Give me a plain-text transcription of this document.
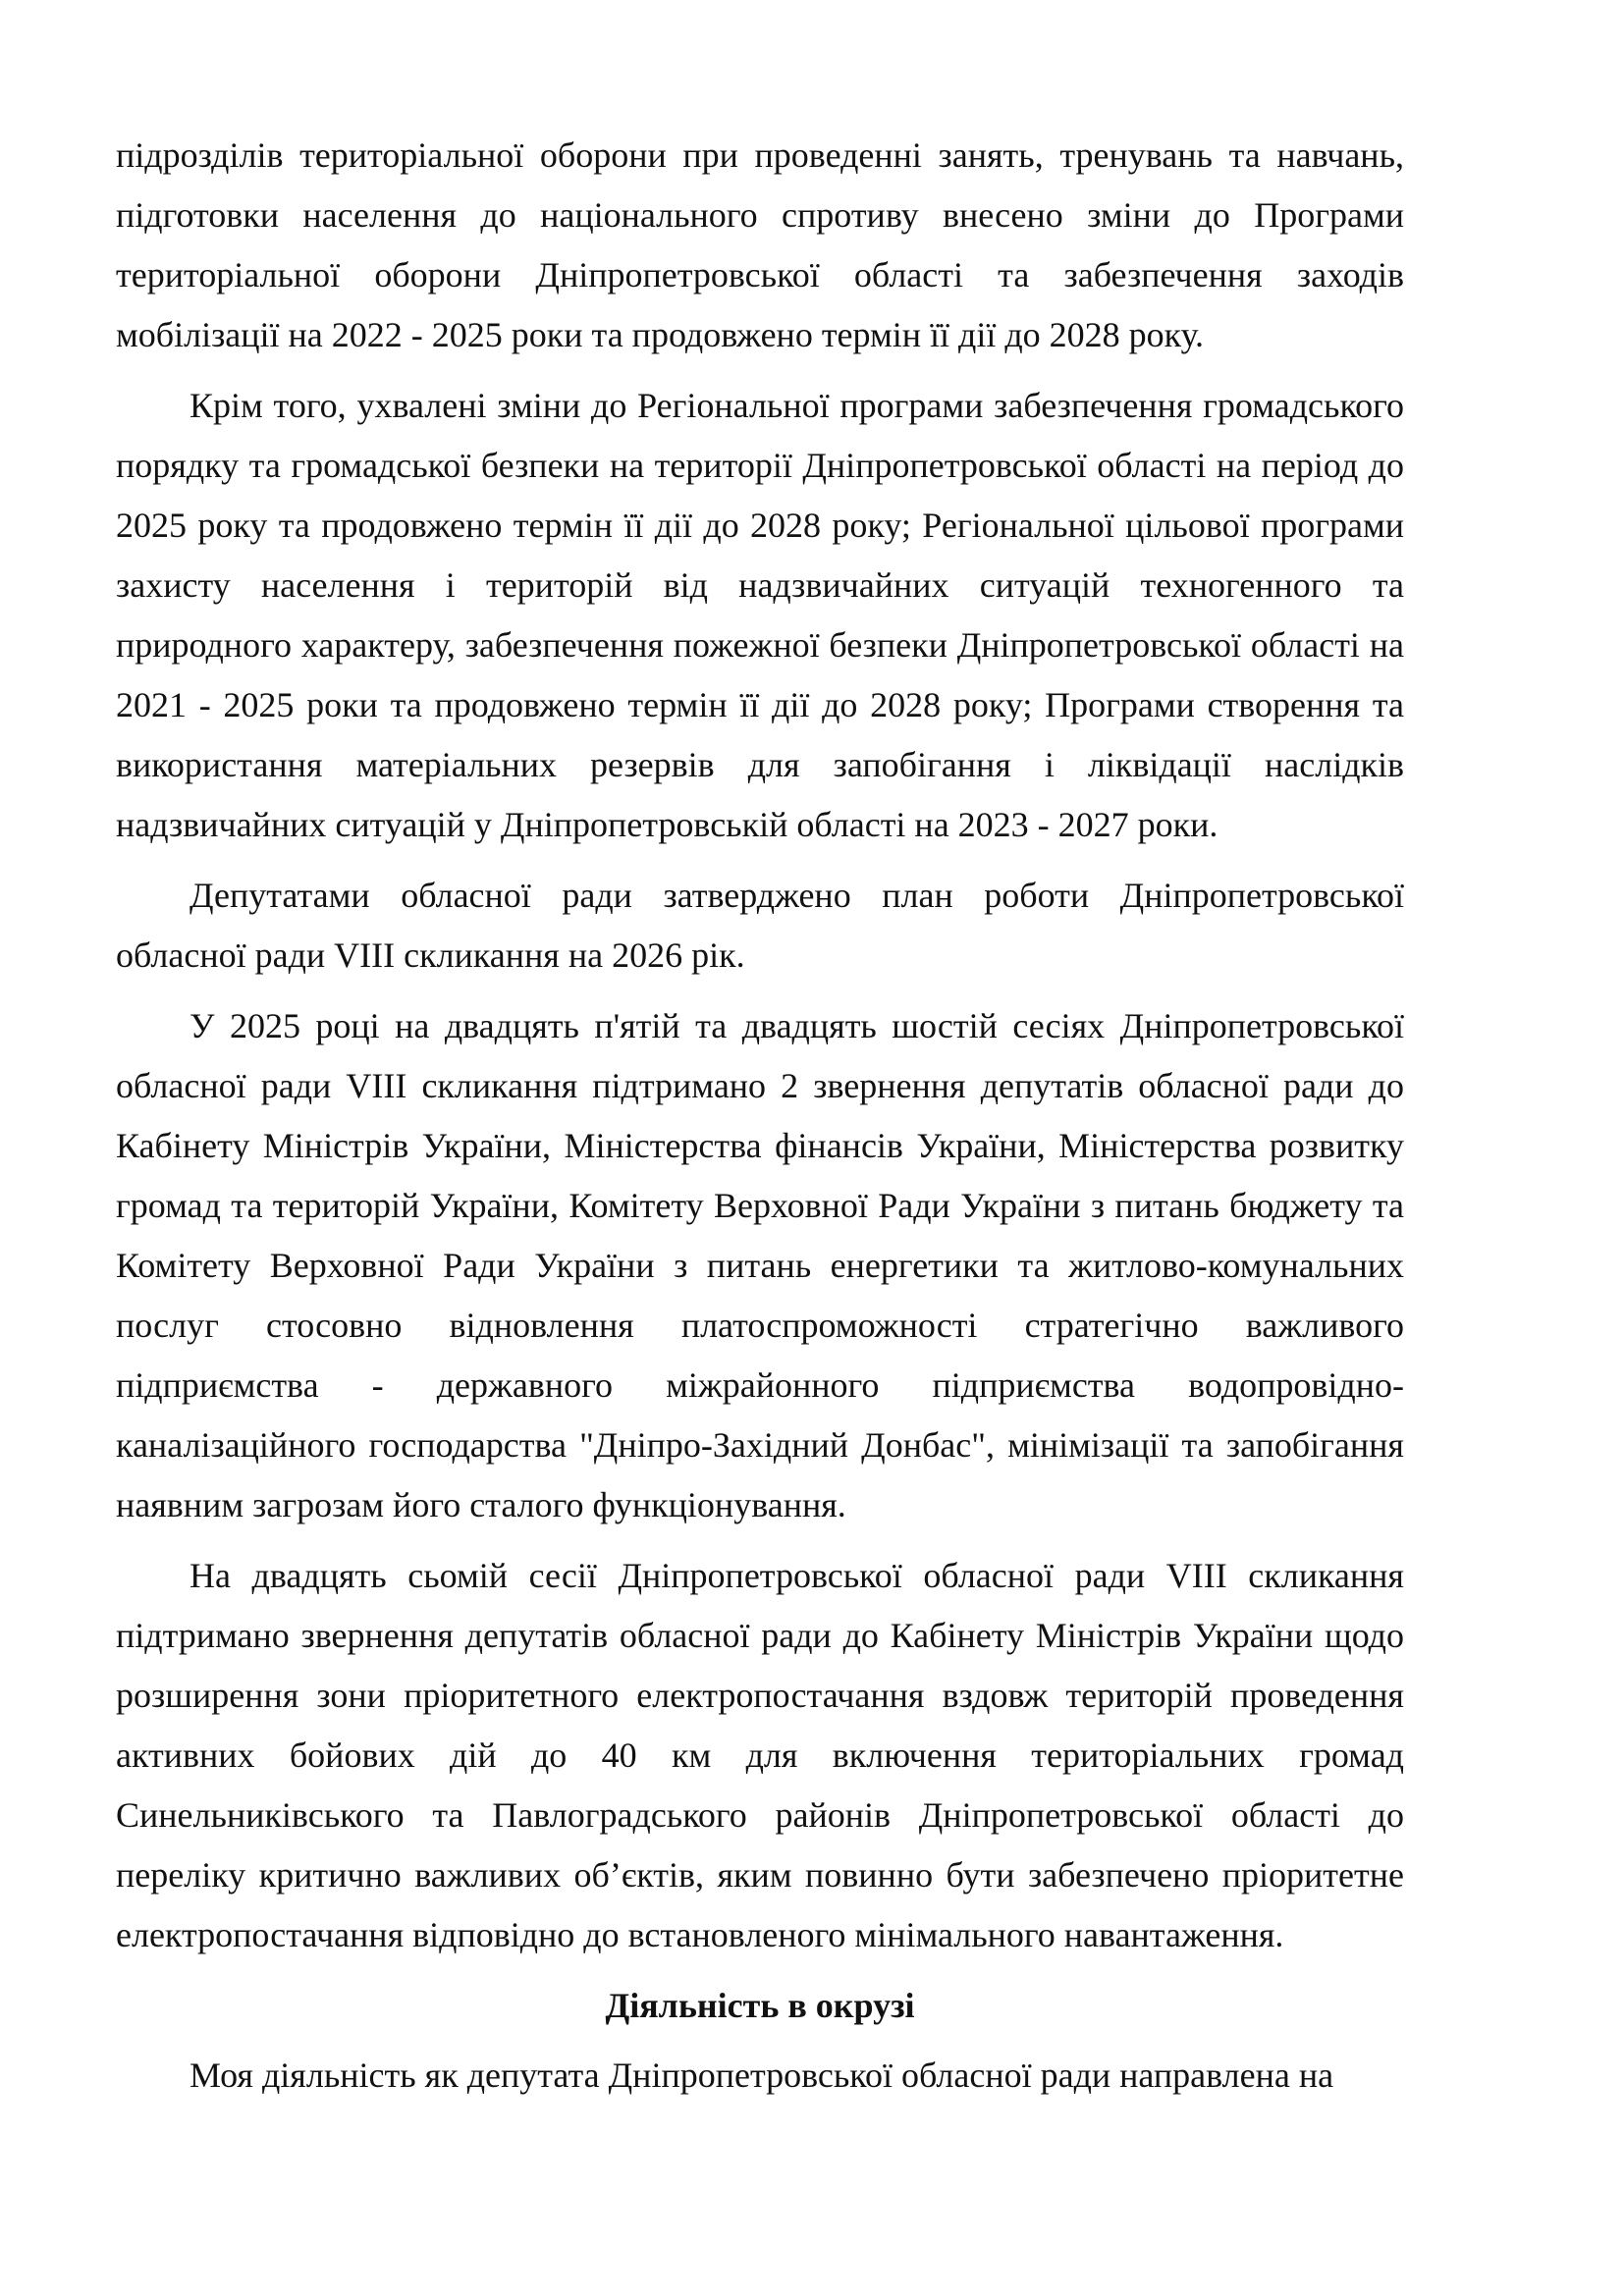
підрозділів територіальної оборони при проведенні занять, тренувань та навчань, підготовки населення до національного спротиву внесено зміни до Програми територіальної оборони Дніпропетровської області та забезпечення заходів мобілізації на 2022 - 2025 роки та продовжено термін її дії до 2028 року.

Крім того, ухвалені зміни до Регіональної програми забезпечення громадського порядку та громадської безпеки на території Дніпропетровської області на період до 2025 року та продовжено термін її дії до 2028 року; Регіональної цільової програми захисту населення і територій від надзвичайних ситуацій техногенного та природного характеру, забезпечення пожежної безпеки Дніпропетровської області на 2021 - 2025 роки та продовжено термін її дії до 2028 року; Програми створення та використання матеріальних резервів для запобігання і ліквідації наслідків надзвичайних ситуацій у Дніпропетровській області на 2023 - 2027 роки.

Депутатами обласної ради затверджено план роботи Дніпропетровської обласної ради VIII скликання на 2026 рік.

У 2025 році на двадцять п'ятій та двадцять шостій сесіях Дніпропетровської обласної ради VIII скликання підтримано 2 звернення депутатів обласної ради до Кабінету Міністрів України, Міністерства фінансів України, Міністерства розвитку громад та територій України, Комітету Верховної Ради України з питань бюджету та Комітету Верховної Ради України з питань енергетики та житлово-комунальних послуг стосовно відновлення платоспроможності стратегічно важливого підприємства - державного міжрайонного підприємства водопровідно-каналізаційного господарства "Дніпро-Західний Донбас", мінімізації та запобігання наявним загрозам його сталого функціонування.

На двадцять сьомій сесії Дніпропетровської обласної ради VIII скликання підтримано звернення депутатів обласної ради до Кабінету Міністрів України щодо розширення зони пріоритетного електропостачання вздовж територій проведення активних бойових дій до 40 км для включення територіальних громад Синельниківського та Павлоградського районів Дніпропетровської області до переліку критично важливих об’єктів, яким повинно бути забезпечено пріоритетне електропостачання відповідно до встановленого мінімального навантаження.

Діяльність в окрузі

Моя діяльність як депутата Дніпропетровської обласної ради направлена на
